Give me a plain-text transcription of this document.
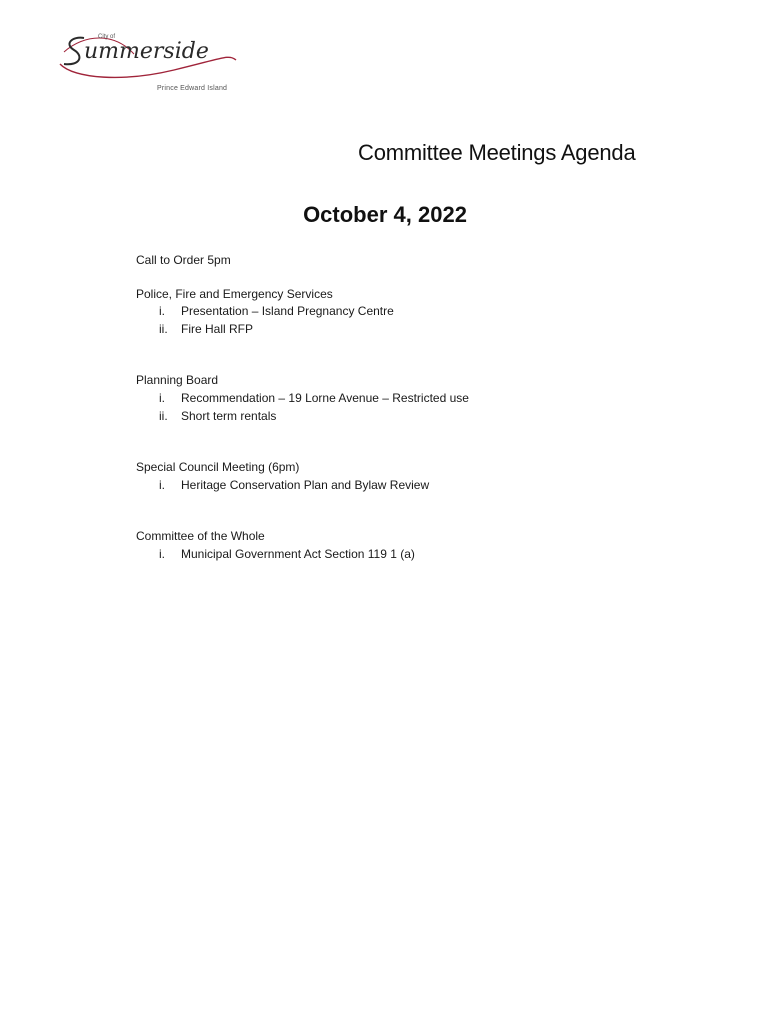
ummerside
City of
Prince Edward Island
Committee Meetings Agenda
October 4, 2022
Call to Order 5pm
Police, Fire and Emergency Services
i.	Presentation – Island Pregnancy Centre
ii.	Fire Hall RFP
Planning Board
i.	Recommendation – 19 Lorne Avenue – Restricted use
ii.	Short term rentals
Special Council Meeting (6pm)
i.	Heritage Conservation Plan and Bylaw Review
Committee of the Whole
i.	Municipal Government Act Section 119 1 (a)
